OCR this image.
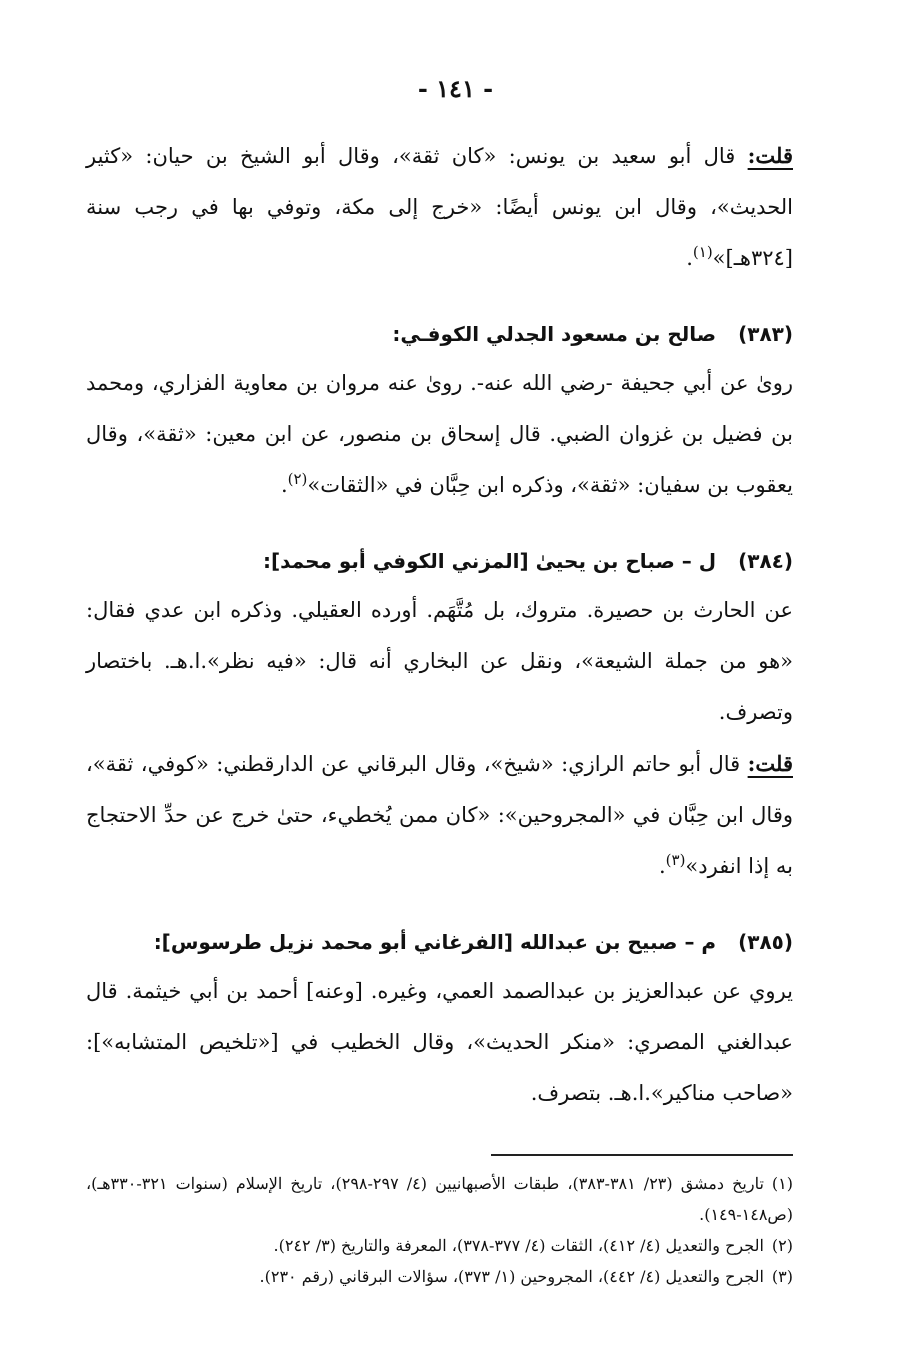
- ١٤١ -

قلت: قال أبو سعيد بن يونس: «كان ثقة»، وقال أبو الشيخ بن حيان: «كثير الحديث»، وقال ابن يونس أيضًا: «خرج إلى مكة، وتوفي بها في رجب سنة [٣٢٤هـ]»$^{(١)}$.

(٣٨٣)صالح بن مسعود الجدلي الكوفـي:

روىٰ عن أبي جحيفة -رضي الله عنه-. روىٰ عنه مروان بن معاوية الفزاري، ومحمد بن فضيل بن غزوان الضبي. قال إسحاق بن منصور، عن ابن معين: «ثقة»، وقال يعقوب بن سفيان: «ثقة»، وذكره ابن حِبَّان في «الثقات»$^{(٢)}$.

(٣٨٤)ل – صباح بن يحيىٰ [المزني الكوفي أبو محمد]:

عن الحارث بن حصيرة. متروك، بل مُتَّهَم. أورده العقيلي. وذكره ابن عدي فقال: «هو من جملة الشيعة»، ونقل عن البخاري أنه قال: «فيه نظر».ا.هـ. باختصار وتصرف.

قلت: قال أبو حاتم الرازي: «شيخ»، وقال البرقاني عن الدارقطني: «كوفي، ثقة»، وقال ابن حِبَّان في «المجروحين»: «كان ممن يُخطيء، حتىٰ خرج عن حدِّ الاحتجاج به إذا انفرد»$^{(٣)}$.

(٣٨٥)م – صبيح بن عبدالله [الفرغاني أبو محمد نزيل طرسوس]:

يروي عن عبدالعزيز بن عبدالصمد العمي، وغيره. [وعنه] أحمد بن أبي خيثمة. قال عبدالغني المصري: «منكر الحديث»، وقال الخطيب في [«تلخيص المتشابه»]: «صاحب مناكير».ا.هـ. بتصرف.

(١)تاريخ دمشق (٢٣/ ٣٨١-٣٨٣)، طبقات الأصبهانيين (٤/ ٢٩٧-٢٩٨)، تاريخ الإسلام (سنوات ٣٢١-٣٣٠هـ)، (ص١٤٨-١٤٩).

(٢)الجرح والتعديل (٤/ ٤١٢)، الثقات (٤/ ٣٧٧-٣٧٨)، المعرفة والتاريخ (٣/ ٢٤٢).

(٣)الجرح والتعديل (٤/ ٤٤٢)، المجروحين (١/ ٣٧٣)، سؤالات البرقاني (رقم ٢٣٠).
